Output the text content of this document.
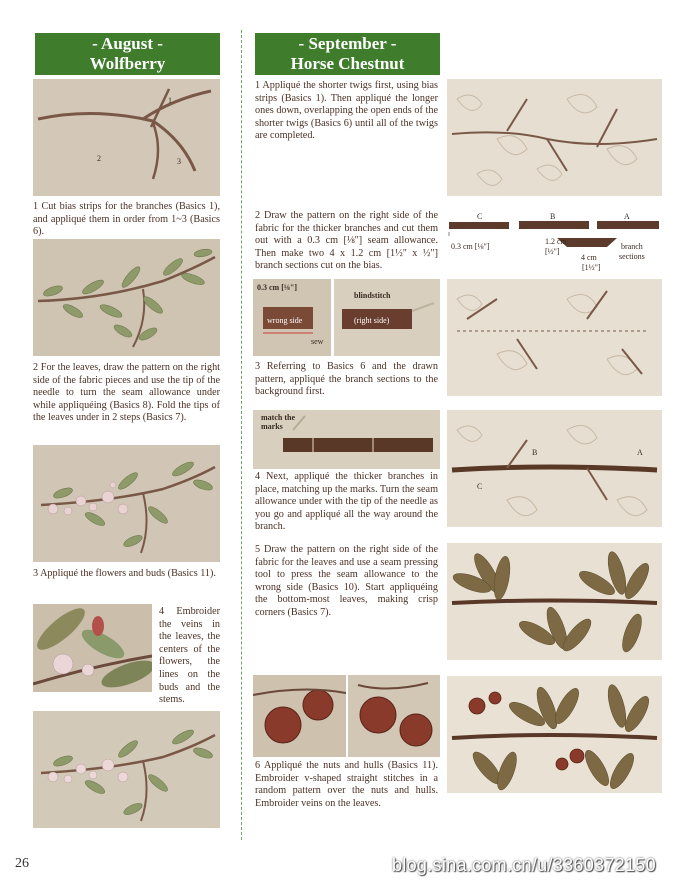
- August -
Wolfberry
1
2	3
1 Cut bias strips for the branches (Basics 1), and appliqué them in order from 1~3 (Basics 6).
2 For the leaves, draw the pattern on the right side of the fabric pieces and use the tip of the needle to turn the seam allowance under while appliquéing (Basics 8). Fold the tips of the leaves under in 2 steps (Basics 7).
3 Appliqué the flowers and buds (Basics 11).
4 Embroider the veins in the leaves, the centers of the flowers, the lines on the buds and the stems.
- September -
Horse Chestnut
1 Appliqué the shorter twigs first, using bias strips (Basics 1). Then appliqué the longer ones down, overlapping the open ends of the shorter twigs (Basics 6) until all of the twigs are completed.
2 Draw the pattern on the right side of the fabric for the thicker branches and cut them out with a 0.3 cm [⅛"] seam allowance. Then make two 4 x 1.2 cm [1½" x ½"] branch sections cut on the bias.
C	B	A
0.3 cm [⅛"]
1.2 cm
[½"]
4 cm
[1½"]
branch
sections
0.3 cm [⅛"]
wrong side
sew
blindstitch
(right side)
3 Referring to Basics 6 and the drawn pattern, appliqué the branch sections to the background first.
match the
marks
4 Next, appliqué the thicker branches in place, matching up the marks. Turn the seam allowance under with the tip of the needle as you go and appliqué all the way around the branch.
B	A
C
5 Draw the pattern on the right side of the fabric for the leaves and use a seam pressing tool to press the seam allowance to the wrong side (Basics 10). Start appliquéing the bottom-most leaves, making crisp corners (Basics 7).
6 Appliqué the nuts and hulls (Basics 11). Embroider v-shaped straight stitches in a random pattern over the nuts and hulls. Embroider veins on the leaves.
26	blog.sina.com.cn/u/3360372150
